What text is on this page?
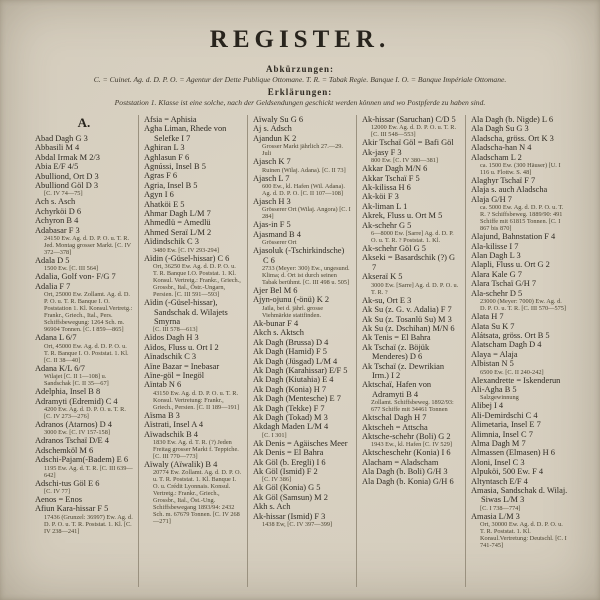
REGISTER.
Abkürzungen:
C. = Cuinet. Ag. d. D. P. O. = Agentur der Dette Publique Ottomane. T. R. = Tabak Regie. Banque I. O. = Banque Impériale Ottomane.
Erklärungen:
Poststation 1. Klasse ist eine solche, nach der Geldsendungen geschickt werden können und wo Postpferde zu haben sind.
A.
Abad Dagh G 3
Abbasili M 4
Abdal Irmak M 2/3
Abia E/F 4/5
Abulliond, Ort D 3
Abulliond Göl D 3
[C. IV 74—75]
Ach s. Asch
Achyrköi D 6
Achyron B 4
Adabasar F 3
24150 Ew. Ag. d. D. P. O. u. T. R. Jed. Montag grosser Markt. [C. IV 372—378]
Adala D 5
1500 Ew. [C. III 564]
Adalia, Golf von- F/G 7
Adalia F 7
Ort, 25000 Ew. Zollamt. Ag. d. D. P. O. u. T. R. Banque I. O. Poststation 1. Kl. Konsul.Vertretg.: Frankr., Griech., Ital., Pers. Schiffsbewegung: 1264 Sch. m. 96904 Tonnen. [C. I 859—865]
Adana L 6/7
Ort, 45000 Ew. Ag. d. D. P. O. u. T. R. Banque I. O. Poststat. 1. Kl. [C. II 38—40]
Adana K/L 6/7
Wilajet [C. II 1—108] u. Sandschak [C. II 35—67]
Adelphia, Insel B 8
Adramyti (Edremid) C 4
4200 Ew. Ag. d. D. P. O. u. T. R. [C. IV 273—276]
Adranos (Atarnos) D 4
3000 Ew. [C. IV 157-158]
Adranos Tschaï D/E 4
Adschemköl M 6
Adschi-Pajam(-Badem) E 6
1195 Ew. Ag. d. T. R. [C. III 639—642]
Adschi-tus Göl E 6
[C. IV 77]
Aenos = Enos
Afiun Kara-hissar F 5
17436 (Grunzel: 36997) Ew. Ag. d. D. P. O. u. T. R. Poststat. 1. Kl. [C. IV 238—241]
Afsia = Aphisia
Agha Liman, Rhede von Selefke I 7
Aghiran L 3
Aghlasun F 6
Agnússi, Insel B 5
Agras F 6
Agria, Insel B 5
Agyn I 6
Ahatköi E 5
Ahmar Dagh L/M 7
Ahmedlü = Amedlü
Ahmed Seraï L/M 2
Aïdindschik C 3
3480 Ew. [C. IV 293-294]
Aïdin (-Güsel-hissar) C 6
Ort, 36250 Ew. Ag. d. D. P. O. u. T. R. Banque I.O. Poststat. 1. Kl. Konsul. Vertretg.: Frankr., Griech., Grossbr., Ital., Östr.-Ungarn, Persien. [C. III 591—593]
Aïdin (-Güsel-hissar), Sandschak d. Wilajets Smyrna
[C. III 578—613]
Aïdos Dagh H 3
Aïdos, Fluss u. Ort I 2
Aïnadschik C 3
Aïne Bazar = Inebasar
Aïne-göl = Inegöl
Aïntab N 6
43150 Ew. Ag. d. D. P. O. u. T. R. Konsul. Vertretung: Frankr., Griech., Persien. [C. II 189—191]
Aïsma B 3
Aïstrati, Insel A 4
Aïwadschik B 4
1830 Ew. Ag. d. T. R. (?) Jeden Freitag grosser Markt f. Teppiche. [C. III 770—773]
Aïwaly (Aïwalik) B 4
20774 Ew. Zollamt. Ag. d. D. P. O. u. T. R. Poststat. 1. Kl. Banque I. O. u. Crédit Lyonnais. Konsul. Vertretg.: Frankr., Griech., Grossbr., Ital., Öst.-Ung. Schiffsbewegang 1893/94: 2432 Sch. m. 67679 Tonnen. [C. IV 268—271]
Aïwaly Su G 6
Aj s. Adsch
Ajandun K 2
Grosser Markt jährlich 27.—29. Juli
Ajasch K 7
Ruinen (Wilaj. Adana). [C. II 73]
Ajasch L 7
600 Ew., kl. Hafen (Wil. Adana). Ag. d. D. P. O. [C. II 107—108]
Ajasch H 3
Grösserer Ort (Wilaj. Angora) [C. I 284]
Ajas-in F 5
Ajasmand B 4
Grösserer Ort
Ajasoluk (-Tschirkindsche) C 6
2733 (Meyer: 300) Ew., ungesund. Klima; d. Ort ist durch seinen Tabak berühmt. [C. III 498 u. 505]
Ajer Bel M 6
Ajyn-ojunu (-önü) K 2
Jaïla, bei d. jährl. grosse Viehmärkte stattfinden.
Ak-bunar F 4
Akch s. Aktsch
Ak Dagh (Brussa) D 4
Ak Dagh (Hamid) F 5
Ak Dagh (Jüsgad) L/M 4
Ak Dagh (Karahissar) E/F 5
Ak Dagh (Kiutahia) E 4
Ak Dagh (Konia) H 7
Ak Dagh (Mentesche) E 7
Ak Dagh (Tekke) F 7
Ak Dagh (Tokad) M 3
Akdagh Maden L/M 4
[C. I 301]
Ak Denis = Agäisches Meer
Ak Denis = El Bahra
Ak Göl (b. Eregli) I 6
Ak Göl (Ismid) F 2
[C. IV 386]
Ak Göl (Konia) G 5
Ak Göl (Samsun) M 2
Akh s. Ach
Ak-hissar (Ismid) F 3
1438 Ew, [C. IV 397—399]
Ak-hissar (Saruchan) C/D 5
12000 Ew. Ag. d. D. P. O. u. T. R. [C. III 548—553]
Akir Tschaï Göl = Bafi Göl
Ak-jasy F 3
800 Ew. [C. IV 380—381]
Akkar Dagh M/N 6
Akkar Tschaï F 5
Ak-kilissa H 6
Ak-köi F 3
Ak-liman L 1
Akrek, Fluss u. Ort M 5
Ak-schehr G 5
6—8000 Ew. [Sarre] Ag. d. D. P. O. u. T. R. ? Poststat. 1. Kl.
Ak-schehr Göl G 5
Akseki = Basardschik (?) G 7
Akseraï K 5
3000 Ew. [Sarre] Ag. d. D. P. O. u. T. R. ?
Ak-su, Ort E 3
Ak Su (z. G. v. Adalia) F 7
Ak Su (z. Tosanlü Su) M 3
Ak Su (z. Dschihan) M/N 6
Ak Tenis = El Bahra
Ak Tschaï (z. Böjük Menderes) D 6
Ak Tschaï (z. Dewrikian Irm.) I 2
Aktschaï, Hafen von Adramyti B 4
Zollamt. Schiffsbeweg. 1892/93: 677 Schiffe mit 34461 Tonnen
Aktschal Dagh H 7
Aktscheh = Attscha
Aktsche-schehr (Boli) G 2
1943 Ew., kl. Hafen [C. IV 529]
Aktscheschehr (Konia) I 6
Alacham = Aladscham
Ala Dagh (b. Boli) G/H 3
Ala Dagh (b. Konia) G/H 6
Ala Dagh (b. Nigde) L 6
Ala Dagh Su G 3
Aladscha, gröss. Ort K 3
Aladscha-han N 4
Aladscham L 2
ca. 1500 Ew. (300 Häuser) [U. I 116 u. Flottw. S. 48]
Alaghyr Tschaï F 7
Alaja s. auch Aladscha
Alaja G/H 7
ca. 5000 Ew. Ag. d. D. P. O. u. T. R. ? Schiffsbeweg. 1889/90: 491 Schiffe mit 61815 Tonnen. [C. I 867 bis 870]
Alajund, Bahnstation F 4
Ala-kilisse I 7
Alan Dagh L 3
Alapli, Fluss u. Ort G 2
Alara Kale G 7
Alara Tschaï G/H 7
Ala-schehr D 5
23000 (Meyer: 7000) Ew. Ag. d. D. P. O. u. T. R. [C. III 570—575]
Alata H 7
Alata Su K 7
Alátsata, gröss. Ort B 5
Alatscham Dagh D 4
Alaya = Alaja
Albistan N 5
6500 Ew. [C. II 240-242]
Alexandrette = Iskenderun
Ali-Agha B 5
Salzgewinnung
Alibej I 4
Ali-Demirdschi C 4
Alimetaria, Insel E 7
Alimnia, Insel C 7
Alma Dagh M 7
Almassen (Elmasen) H 6
Aloni, Insel C 3
Alpuköi, 500 Ew. F 4
Altyntasch E/F 4
Amasia, Sandschak d. Wilaj. Siwas L/M 3
[C. I 738—774]
Amasia L/M 3
Ort, 30000 Ew. Ag. d. D. P. O. u. T. R. Poststat. 1. Kl. Konsul.Vertretung: Deutschl. [C. I 741-745]
